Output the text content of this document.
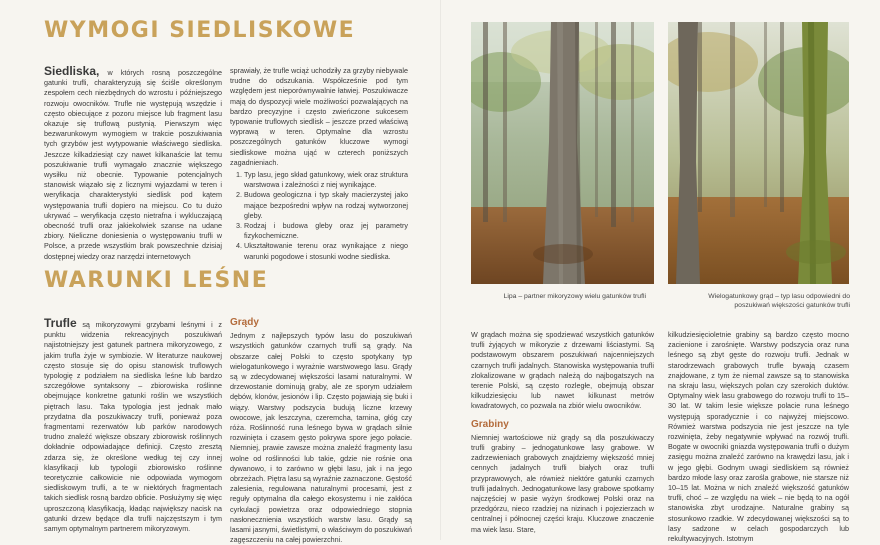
WYMOGI SIEDLISKOWE

Siedliska, w których rosną poszczególne gatunki trufli, charakteryzują się ściśle określonym zespołem cech niezbędnych do wzrostu i późniejszego rozwoju owocników. Trufle nie występują wszędzie i często obiecujące z pozoru miejsce lub fragment lasu okazuje się truflową pustynią. Pierwszym więc bezwarunkowym wymogiem w trakcie poszukiwania tych grzybów jest wytypowanie właściwego siedliska. Jeszcze kilkadziesiąt czy nawet kilkanaście lat temu poszukiwanie trufli wymagało znacznie większego wysiłku niż obecnie. Typowanie potencjalnych stanowisk wiązało się z licznymi wyjazdami w teren i weryfikacja charakterystyki siedlisk pod kątem występowania trufli dopiero na miejscu. Co tu dużo ukrywać – weryfikacja często nietrafna i wykluczającą obecność trufli oraz jakiekolwiek szanse na udane zbiory. Nieliczne doniesienia o występowaniu trufli w Polsce, a przede wszystkim brak powszechnie dzisiaj dostępnej wiedzy oraz narzędzi internetowych

sprawiały, że trufle wciąż uchodziły za grzyby niebywale trudne do odszukania. Współcześnie pod tym względem jest nieporównywalnie łatwiej. Poszukiwacze mają do dyspozycji wiele możliwości pozwalających na bardzo precyzyjne i często zwieńczone sukcesem typowanie truflowych siedlisk – jeszcze przed właściwą wyprawą w teren. Optymalne dla wzrostu poszczególnych gatunków kluczowe wymogi siedliskowe można ująć w czterech poniższych zagadnieniach.

1. Typ lasu, jego skład gatunkowy, wiek oraz struktura warstwowa i zależności z niej wynikające.
2. Budowa geologiczna i typ skały macierzystej jako mające bezpośredni wpływ na rodzaj wytworzonej gleby.
3. Rodzaj i budowa gleby oraz jej parametry fizykochemiczne.
4. Ukształtowanie terenu oraz wynikające z niego warunki pogodowe i stosunki wodne siedliska.
WARUNKI LEŚNE

Trufle są mikoryzowymi grzybami leśnymi i z punktu widzenia rekreacyjnych poszukiwań najistotniejszy jest gatunek partnera mikoryzowego, z jakim trufla żyje w symbiozie. W literaturze naukowej często stosuje się do opisu stanowisk truflowych typologię z podziałem na siedliska leśne lub bardzo szczegółowe syntaksony – zbiorowiska roślinne obejmujące konkretne gatunki roślin we wszystkich piętrach lasu. Taka typologia jest jednak mało przydatna dla poszukiwaczy trufli, ponieważ poza fragmentami rezerwatów lub parków narodowych trudno znaleźć większe obszary zbiorowisk roślinnych dokładnie odpowiadające definicji. Często zresztą zdarza się, że określone według tej czy innej klasyfikacji lub typologii zbiorowisko roślinne teoretycznie całkowicie nie odpowiada wymogom siedliskowym trufli, a te w niektórych fragmentach takich siedlisk rosną bardzo obficie. Posłużymy się więc uproszczoną klasyfikacją, kładąc największy nacisk na gatunki drzew będące dla trufli najczęstszym i tym samym optymalnym partnerem mikoryzowym.

Grądy

Jednym z najlepszych typów lasu do poszukiwań wszystkich gatunków czarnych trufli są grądy. Na obszarze całej Polski to często spotykany typ wielogatunkowego i wyrażnie warstwowego lasu. Grądy są w zdecydowanej większości lasami naturalnymi. W drzewostanie dominują graby, ale ze sporym udziałem dębów, klonów, jesionów i lip. Często pojawiają się buki i wiązy. Warstwy podszycia budują liczne krzewy owocowe, jak leszczyna, czeremcha, tarnina, głóg czy róża. Roślinność runa leśnego bywa w grądach silnie rozwinięta i czasem gęsto pokrywa spore jego połacie. Niemniej, prawie zawsze można znaleźć fragmenty lasu wolne od roślinności lub takie, gdzie nie rośnie ona dywanowo, i to zarówno w głębi lasu, jak i na jego obrzeżach. Piętra lasu są wyraźnie zaznaczone. Gęstość zalesienia, regulowana naturalnymi procesami, jest z reguły optymalna dla całego ekosystemu i nie zakłóca cyrkulacji powietrza oraz odpowiedniego stopnia nasłonecznienia wszystkich warstw lasu. Grądy są lasami jasnymi, świetlistymi, o właściwym do poszukiwań zagęszczeniu na całej powierzchni.

Lipa – partner mikoryzowy wielu gatunków trufli	Wielogatunkowy grąd – typ lasu odpowiedni do poszukiwań większości gatunków trufli

W grądach można się spodziewać wszystkich gatunków trufli żyjących w mikoryzie z drzewami liściastymi. Są podstawowym obszarem poszukiwań najcenniejszych czarnych trufli jadalnych. Stanowiska występowania trufli zlokalizowane w grądach należą do najbogatszych na terenie Polski, są często rozległe, obejmują obszar kilkudziesięciu lub nawet kilkunast metrów kwadratowych, co pozwala na zbiór wielu owocników.

Grabiny

Niemniej wartościowe niż grądy są dla poszukiwaczy trufli grabiny – jednogatunkowe lasy grabowe. W zadrzewieniach grabowych znajdziemy większość mniej cennych jadalnych trufli białych oraz trufli przyprawowych, ale również niektóre gatunki czarnych trufli jadalnych. Jednogatunkowe lasy grabowe spotkamy najczęściej w pasie wyżyn środkowej Polski oraz na przedgórzu, nieco rzadziej na nizinach i pojezierzach w centralnej i północnej części kraju. Kluczowe znaczenie ma wiek lasu. Stare,

kilkudziesięcioletnie grabiny są bardzo często mocno zacienione i zarośnięte. Warstwy podszycia oraz runa leśnego są zbyt gęste do rozwoju trufli. Jednak w starodrzewach grabowych trufle bywają czasem znajdowane, z tym że niemal zawsze są to stanowiska na skraju lasu, większych polan czy szerokich duktów. Optymalny wiek lasu grabowego do rozwoju trufli to 15–30 lat. W takim lesie większe polacie runa leśnego występują sporadycznie i co najwyżej miejscowo. Również warstwa podszycia nie jest jeszcze na tyle rozwinięta, żeby negatywnie wpływać na rozwój trufli. Bogate w owocniki gniazda występowania trufli o dużym zasięgu można znaleźć zarówno na krawędzi lasu, jak i w jego głębi. Godnym uwagi siedliskiem są również bardzo młode lasy oraz zarośla grabowe, nie starsze niż 10–15 lat. Można w nich znaleźć większość gatunków trufli, choć – ze względu na wiek – nie będą to na ogół stanowiska zbyt urodzajne. Naturalne grabiny są stosunkowo rzadkie. W zdecydowanej większości są to lasy sadzone w celach gospodarczych lub rekultywacyjnych. Istotnym
